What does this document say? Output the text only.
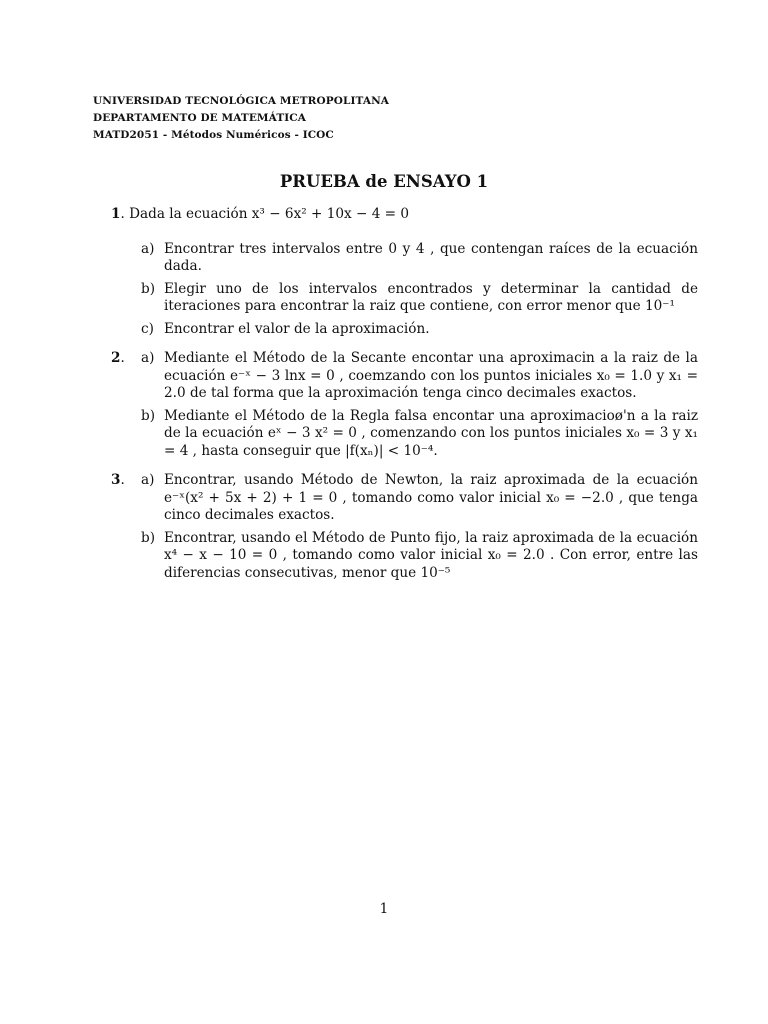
UNIVERSIDAD TECNOLÓGICA METROPOLITANA
DEPARTAMENTO DE MATEMÁTICA
MATD2051 - Métodos Numéricos - ICOC
PRUEBA de ENSAYO 1
1. Dada la ecuación x³ − 6x² + 10x − 4 = 0
a) Encontrar tres intervalos entre 0 y 4 , que contengan raíces de la ecuación dada.
b) Elegir uno de los intervalos encontrados y determinar la cantidad de iteraciones para encontrar la raiz que contiene, con error menor que 10⁻¹
c) Encontrar el valor de la aproximación.
2. a) Mediante el Método de la Secante encontar una aproximacin a la raiz de la ecuación e⁻ˣ − 3 lnx = 0 , coemzando con los puntos iniciales x₀ = 1.0 y x₁ = 2.0 de tal forma que la aproximación tenga cinco decimales exactos.
b) Mediante el Método de la Regla falsa encontar una aproximacioø'n a la raiz de la ecuación eˣ − 3 x² = 0 , comenzando con los puntos iniciales x₀ = 3 y x₁ = 4 , hasta conseguir que |f(xₙ)| < 10⁻⁴.
3. a) Encontrar, usando Método de Newton, la raiz aproximada de la ecuación e⁻ˣ(x² + 5x + 2) + 1 = 0 , tomando como valor inicial x₀ = −2.0 , que tenga cinco decimales exactos.
b) Encontrar, usando el Método de Punto fijo, la raiz aproximada de la ecuación x⁴ − x − 10 = 0 , tomando como valor inicial x₀ = 2.0 . Con error, entre las diferencias consecutivas, menor que 10⁻⁵
1
